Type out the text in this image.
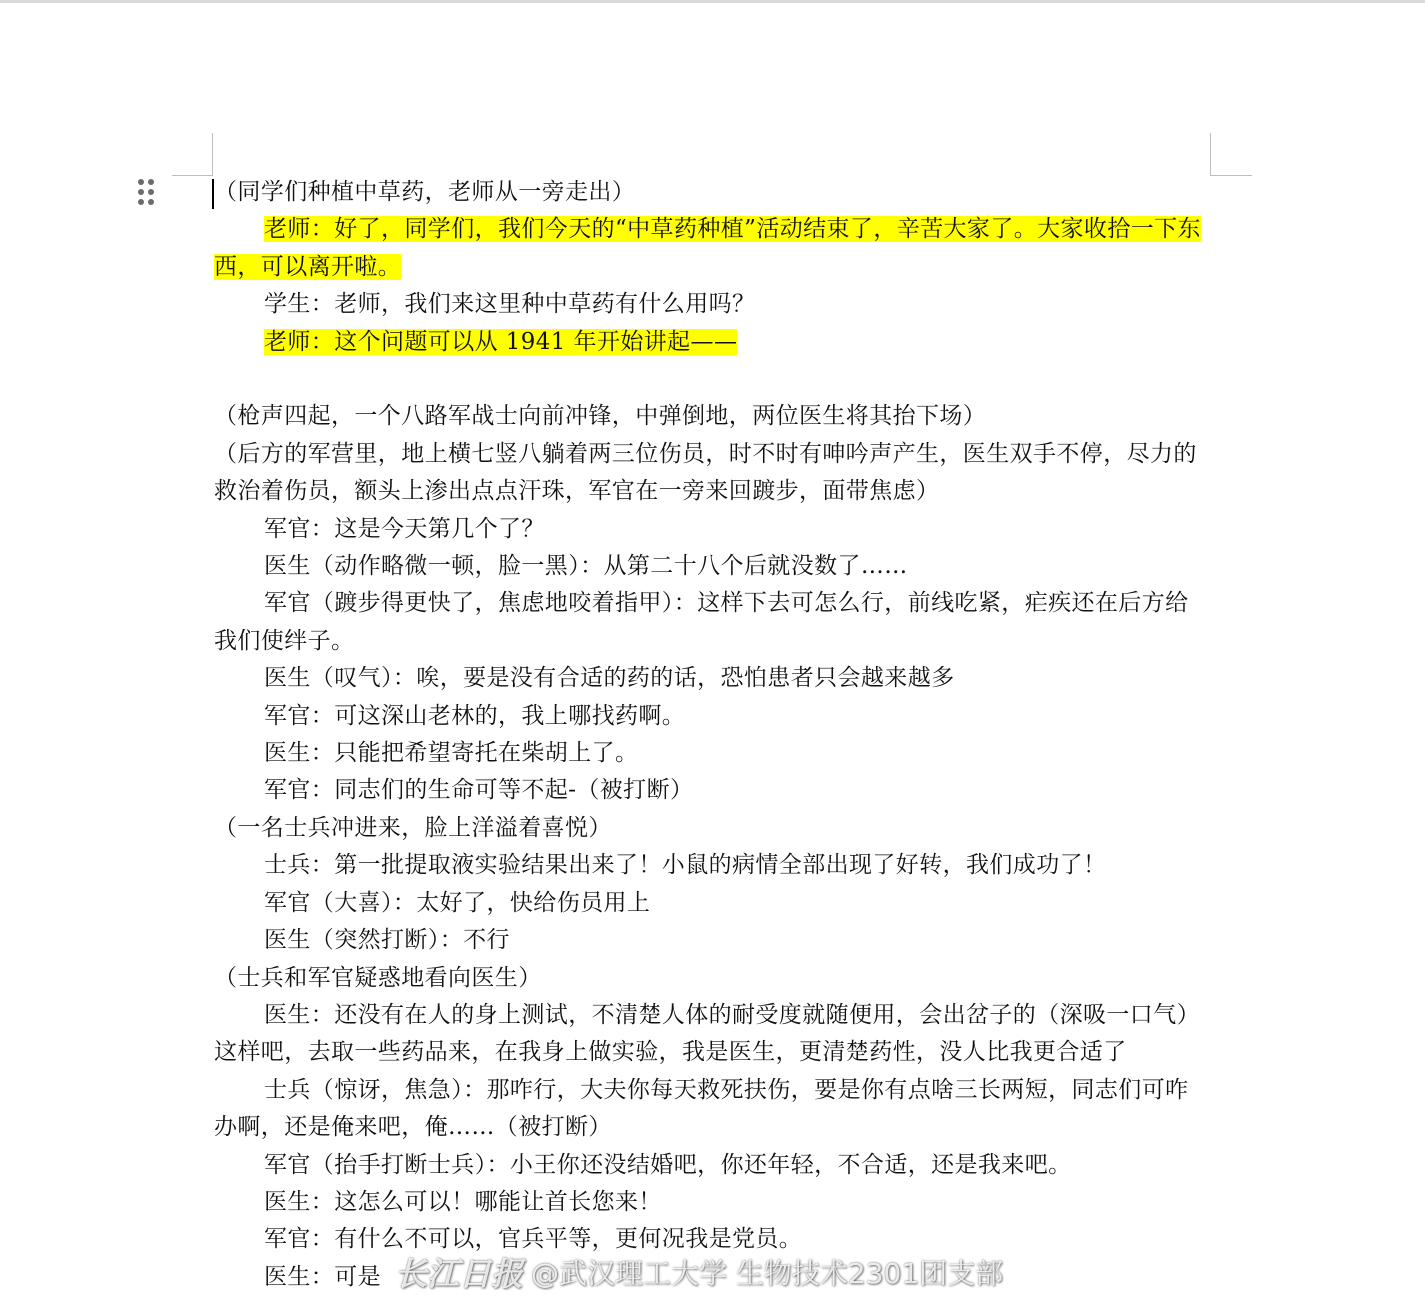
（同学们种植中草药，老师从一旁走出）

老师：好了，同学们，我们今天的“中草药种植”活动结束了，辛苦大家了。大家收拾一下东西，可以离开啦。

学生：老师，我们来这里种中草药有什么用吗？

老师：这个问题可以从 1941 年开始讲起——

（枪声四起，一个八路军战士向前冲锋，中弹倒地，两位医生将其抬下场）

（后方的军营里，地上横七竖八躺着两三位伤员，时不时有呻吟声产生，医生双手不停，尽力的救治着伤员，额头上渗出点点汗珠，军官在一旁来回踱步，面带焦虑）

军官：这是今天第几个了？

医生（动作略微一顿，脸一黑）：从第二十八个后就没数了……

军官（踱步得更快了，焦虑地咬着指甲）：这样下去可怎么行，前线吃紧，疟疾还在后方给我们使绊子。

医生（叹气）：唉，要是没有合适的药的话，恐怕患者只会越来越多

军官：可这深山老林的，我上哪找药啊。

医生：只能把希望寄托在柴胡上了。

军官：同志们的生命可等不起-（被打断）

（一名士兵冲进来，脸上洋溢着喜悦）

士兵：第一批提取液实验结果出来了！小鼠的病情全部出现了好转，我们成功了！

军官（大喜）：太好了，快给伤员用上

医生（突然打断）：不行

（士兵和军官疑惑地看向医生）

医生：还没有在人的身上测试，不清楚人体的耐受度就随便用，会出岔子的（深吸一口气）这样吧，去取一些药品来，在我身上做实验，我是医生，更清楚药性，没人比我更合适了

士兵（惊讶，焦急）：那咋行，大夫你每天救死扶伤，要是你有点啥三长两短，同志们可咋办啊，还是俺来吧，俺……（被打断）

军官（抬手打断士兵）：小王你还没结婚吧，你还年轻，不合适，还是我来吧。

医生：这怎么可以！哪能让首长您来！

军官：有什么不可以，官兵平等，更何况我是党员。

医生：可是 长江日报 @武汉理工大学 生物技术2301团支部
